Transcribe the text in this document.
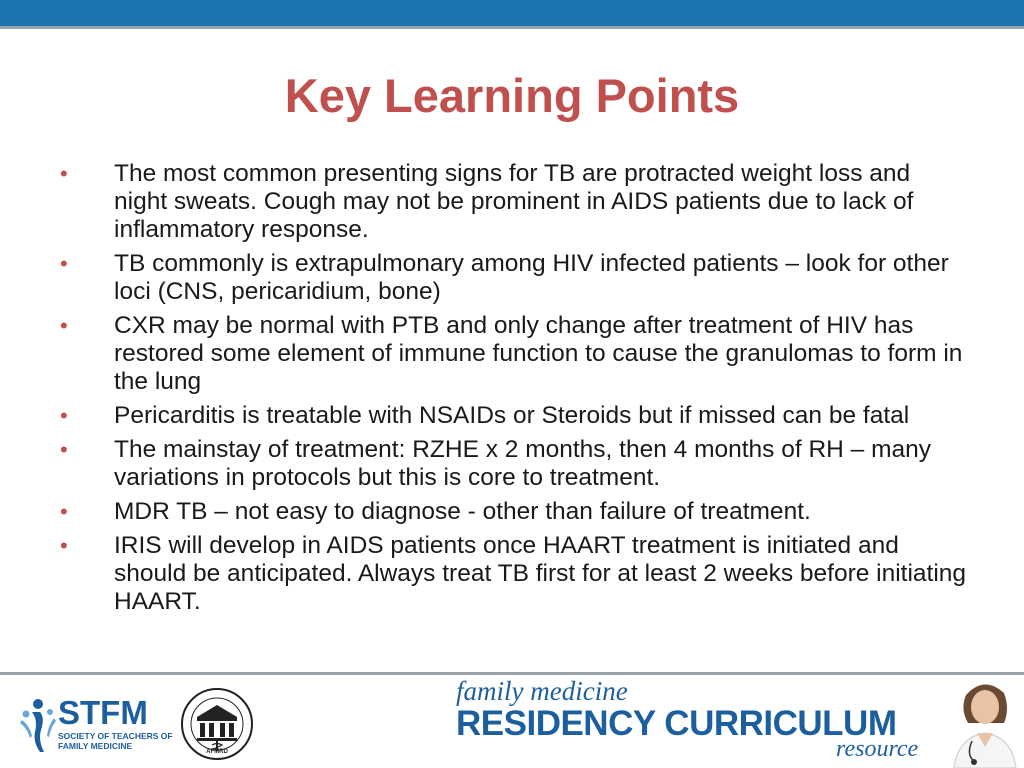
Key Learning Points
• The most common presenting signs for TB are protracted weight loss and night sweats. Cough may not be prominent in AIDS patients due to lack of inflammatory response.
• TB commonly is extrapulmonary among HIV infected patients – look for other loci (CNS, pericaridium, bone)
• CXR may be normal with PTB and only change after treatment of HIV has restored some element of immune function to cause the granulomas to form in the lung
• Pericarditis is treatable with NSAIDs or Steroids but if missed can be fatal
• The mainstay of treatment: RZHE x 2 months, then 4 months of RH – many variations in protocols but this is core to treatment.
• MDR TB – not easy to diagnose - other than failure of treatment.
• IRIS will develop in AIDS patients once HAART treatment is initiated and should be anticipated. Always treat TB first for at least 2 weeks before initiating HAART.
STFM
SOCIETY OF TEACHERS OF
FAMILY MEDICINE
AFMRD
family medicine
RESIDENCY CURRICULUM
resource
